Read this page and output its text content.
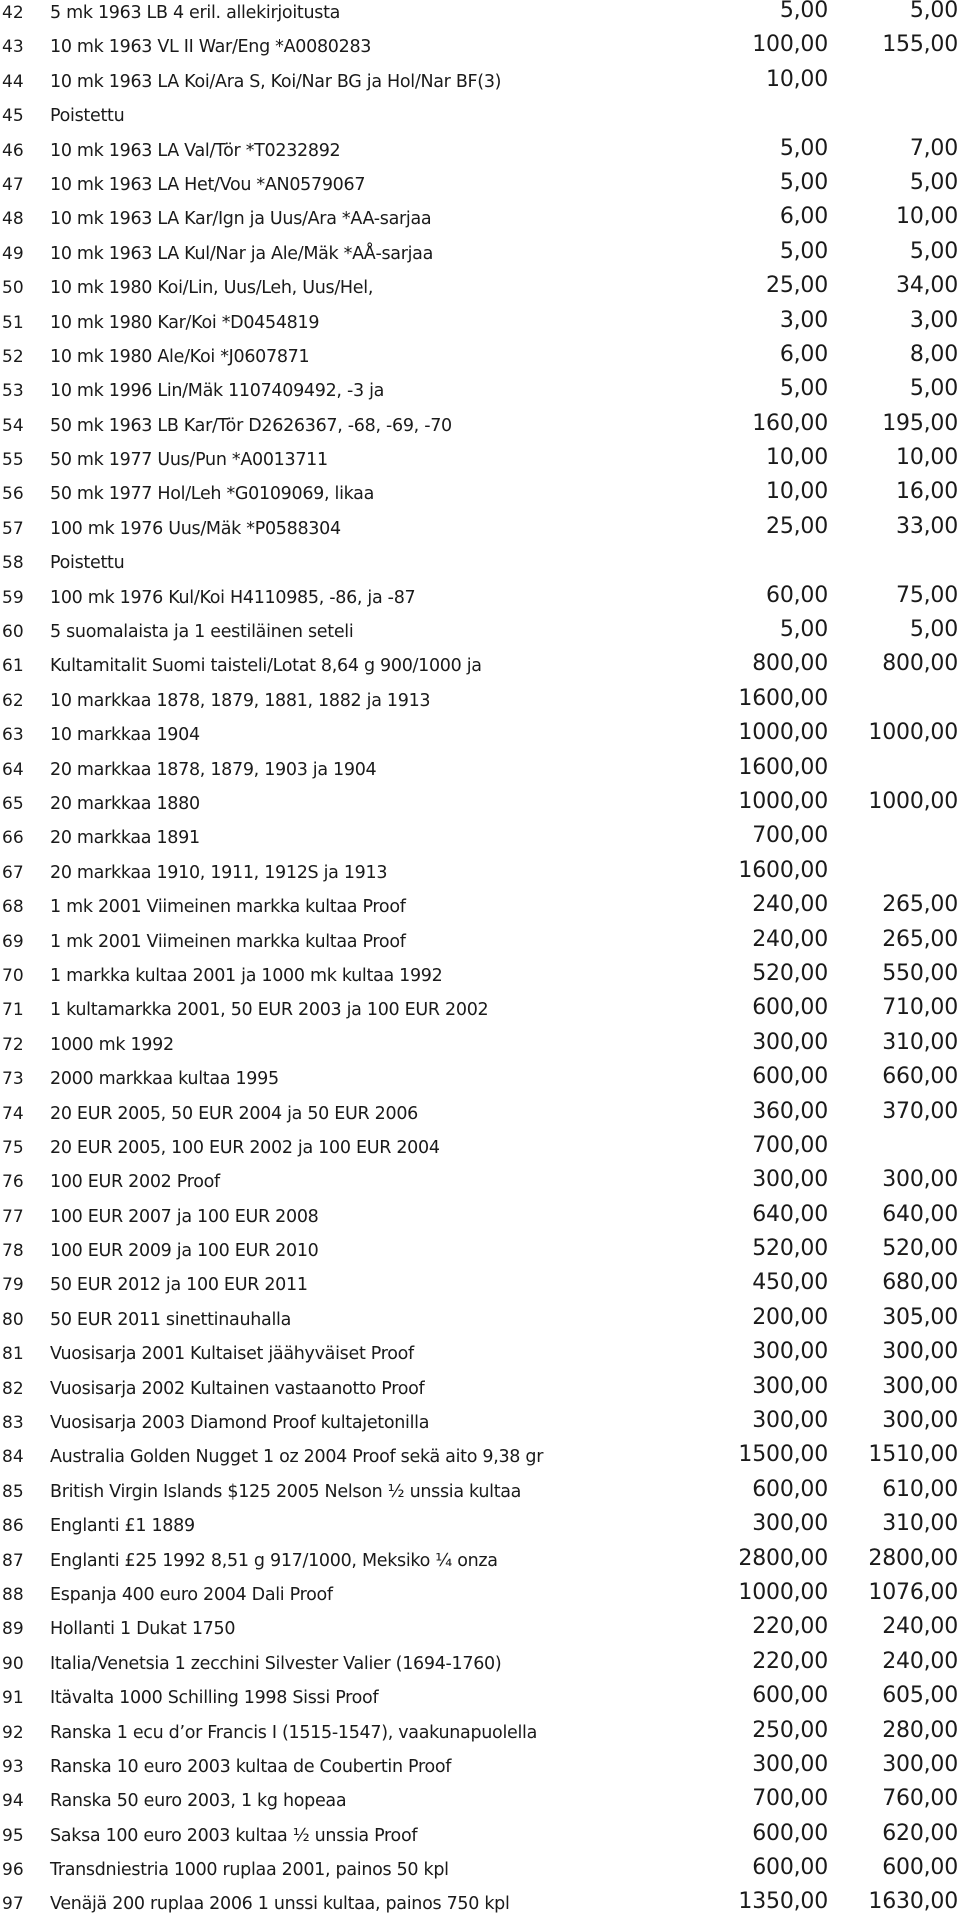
42	5 mk 1963 LB 4 eril. allekirjoitusta	5,00	5,00
43	10 mk 1963 VL II War/Eng *A0080283	100,00 155,00
44	10 mk 1963 LA Koi/Ara S, Koi/Nar BG ja Hol/Nar BF(3)	10,00
45	Poistettu
46	10 mk 1963 LA Val/Tör *T0232892	5,00	7,00
47	10 mk 1963 LA Het/Vou *AN0579067	5,00	5,00
48	10 mk 1963 LA Kar/Ign ja Uus/Ara *AA-sarjaa	6,00	10,00
49	10 mk 1963 LA Kul/Nar ja Ale/Mäk *AÅ-sarjaa	5,00	5,00
50	10 mk 1980 Koi/Lin, Uus/Leh, Uus/Hel,	25,00	34,00
51	10 mk 1980 Kar/Koi *D0454819	3,00	3,00
52	10 mk 1980 Ale/Koi *J0607871	6,00	8,00
53	10 mk 1996 Lin/Mäk 1107409492, -3 ja	5,00	5,00
54	50 mk 1963 LB Kar/Tör D2626367, -68, -69, -70	160,00 195,00
55	50 mk 1977 Uus/Pun *A0013711	10,00	10,00
56	50 mk 1977 Hol/Leh *G0109069, likaa	10,00	16,00
57	100 mk 1976 Uus/Mäk *P0588304	25,00	33,00
58	Poistettu
59	100 mk 1976 Kul/Koi H4110985, -86, ja -87	60,00	75,00
60	5 suomalaista ja 1 eestiläinen seteli	5,00	5,00
61	Kultamitalit Suomi taisteli/Lotat 8,64 g 900/1000 ja	800,00 800,00
62	10 markkaa 1878, 1879, 1881, 1882 ja 1913	1600,00
63	10 markkaa 1904	1000,00 1000,00
64	20 markkaa 1878, 1879, 1903 ja 1904	1600,00
65	20 markkaa 1880	1000,00 1000,00
66	20 markkaa 1891	700,00
67	20 markkaa 1910, 1911, 1912S ja 1913	1600,00
68	1 mk 2001 Viimeinen markka kultaa Proof	240,00 265,00
69	1 mk 2001 Viimeinen markka kultaa Proof	240,00 265,00
70	1 markka kultaa 2001 ja 1000 mk kultaa 1992	520,00 550,00
71	1 kultamarkka 2001, 50 EUR 2003 ja 100 EUR 2002	600,00 710,00
72	1000 mk 1992	300,00 310,00
73	2000 markkaa kultaa 1995	600,00 660,00
74	20 EUR 2005, 50 EUR 2004 ja 50 EUR 2006	360,00 370,00
75	20 EUR 2005, 100 EUR 2002 ja 100 EUR 2004	700,00
76	100 EUR 2002 Proof	300,00 300,00
77	100 EUR 2007 ja 100 EUR 2008	640,00 640,00
78	100 EUR 2009 ja 100 EUR 2010	520,00 520,00
79	50 EUR 2012 ja 100 EUR 2011	450,00 680,00
80	50 EUR 2011 sinettinauhalla	200,00 305,00
81	Vuosisarja 2001 Kultaiset jäähyväiset Proof	300,00 300,00
82	Vuosisarja 2002 Kultainen vastaanotto Proof	300,00 300,00
83	Vuosisarja 2003 Diamond Proof kultajetonilla	300,00 300,00
84	Australia Golden Nugget 1 oz 2004 Proof sekä aito 9,38 gr	1500,00 1510,00
85	British Virgin Islands $125 2005 Nelson ½ unssia kultaa	600,00 610,00
86	Englanti £1 1889	300,00 310,00
87	Englanti £25 1992 8,51 g 917/1000, Meksiko ¼ onza	2800,00 2800,00
88	Espanja 400 euro 2004 Dali Proof	1000,00 1076,00
89	Hollanti 1 Dukat 1750	220,00 240,00
90	Italia/Venetsia 1 zecchini Silvester Valier (1694-1760)	220,00 240,00
91	Itävalta 1000 Schilling 1998 Sissi Proof	600,00 605,00
92	Ranska 1 ecu d’or Francis I (1515-1547), vaakunapuolella	250,00 280,00
93	Ranska 10 euro 2003 kultaa de Coubertin Proof	300,00 300,00
94	Ranska 50 euro 2003, 1 kg hopeaa	700,00 760,00
95	Saksa 100 euro 2003 kultaa ½ unssia Proof	600,00 620,00
96	Transdniestria 1000 ruplaa 2001, painos 50 kpl	600,00 600,00
97	Venäjä 200 ruplaa 2006 1 unssi kultaa, painos 750 kpl	1350,00 1630,00
